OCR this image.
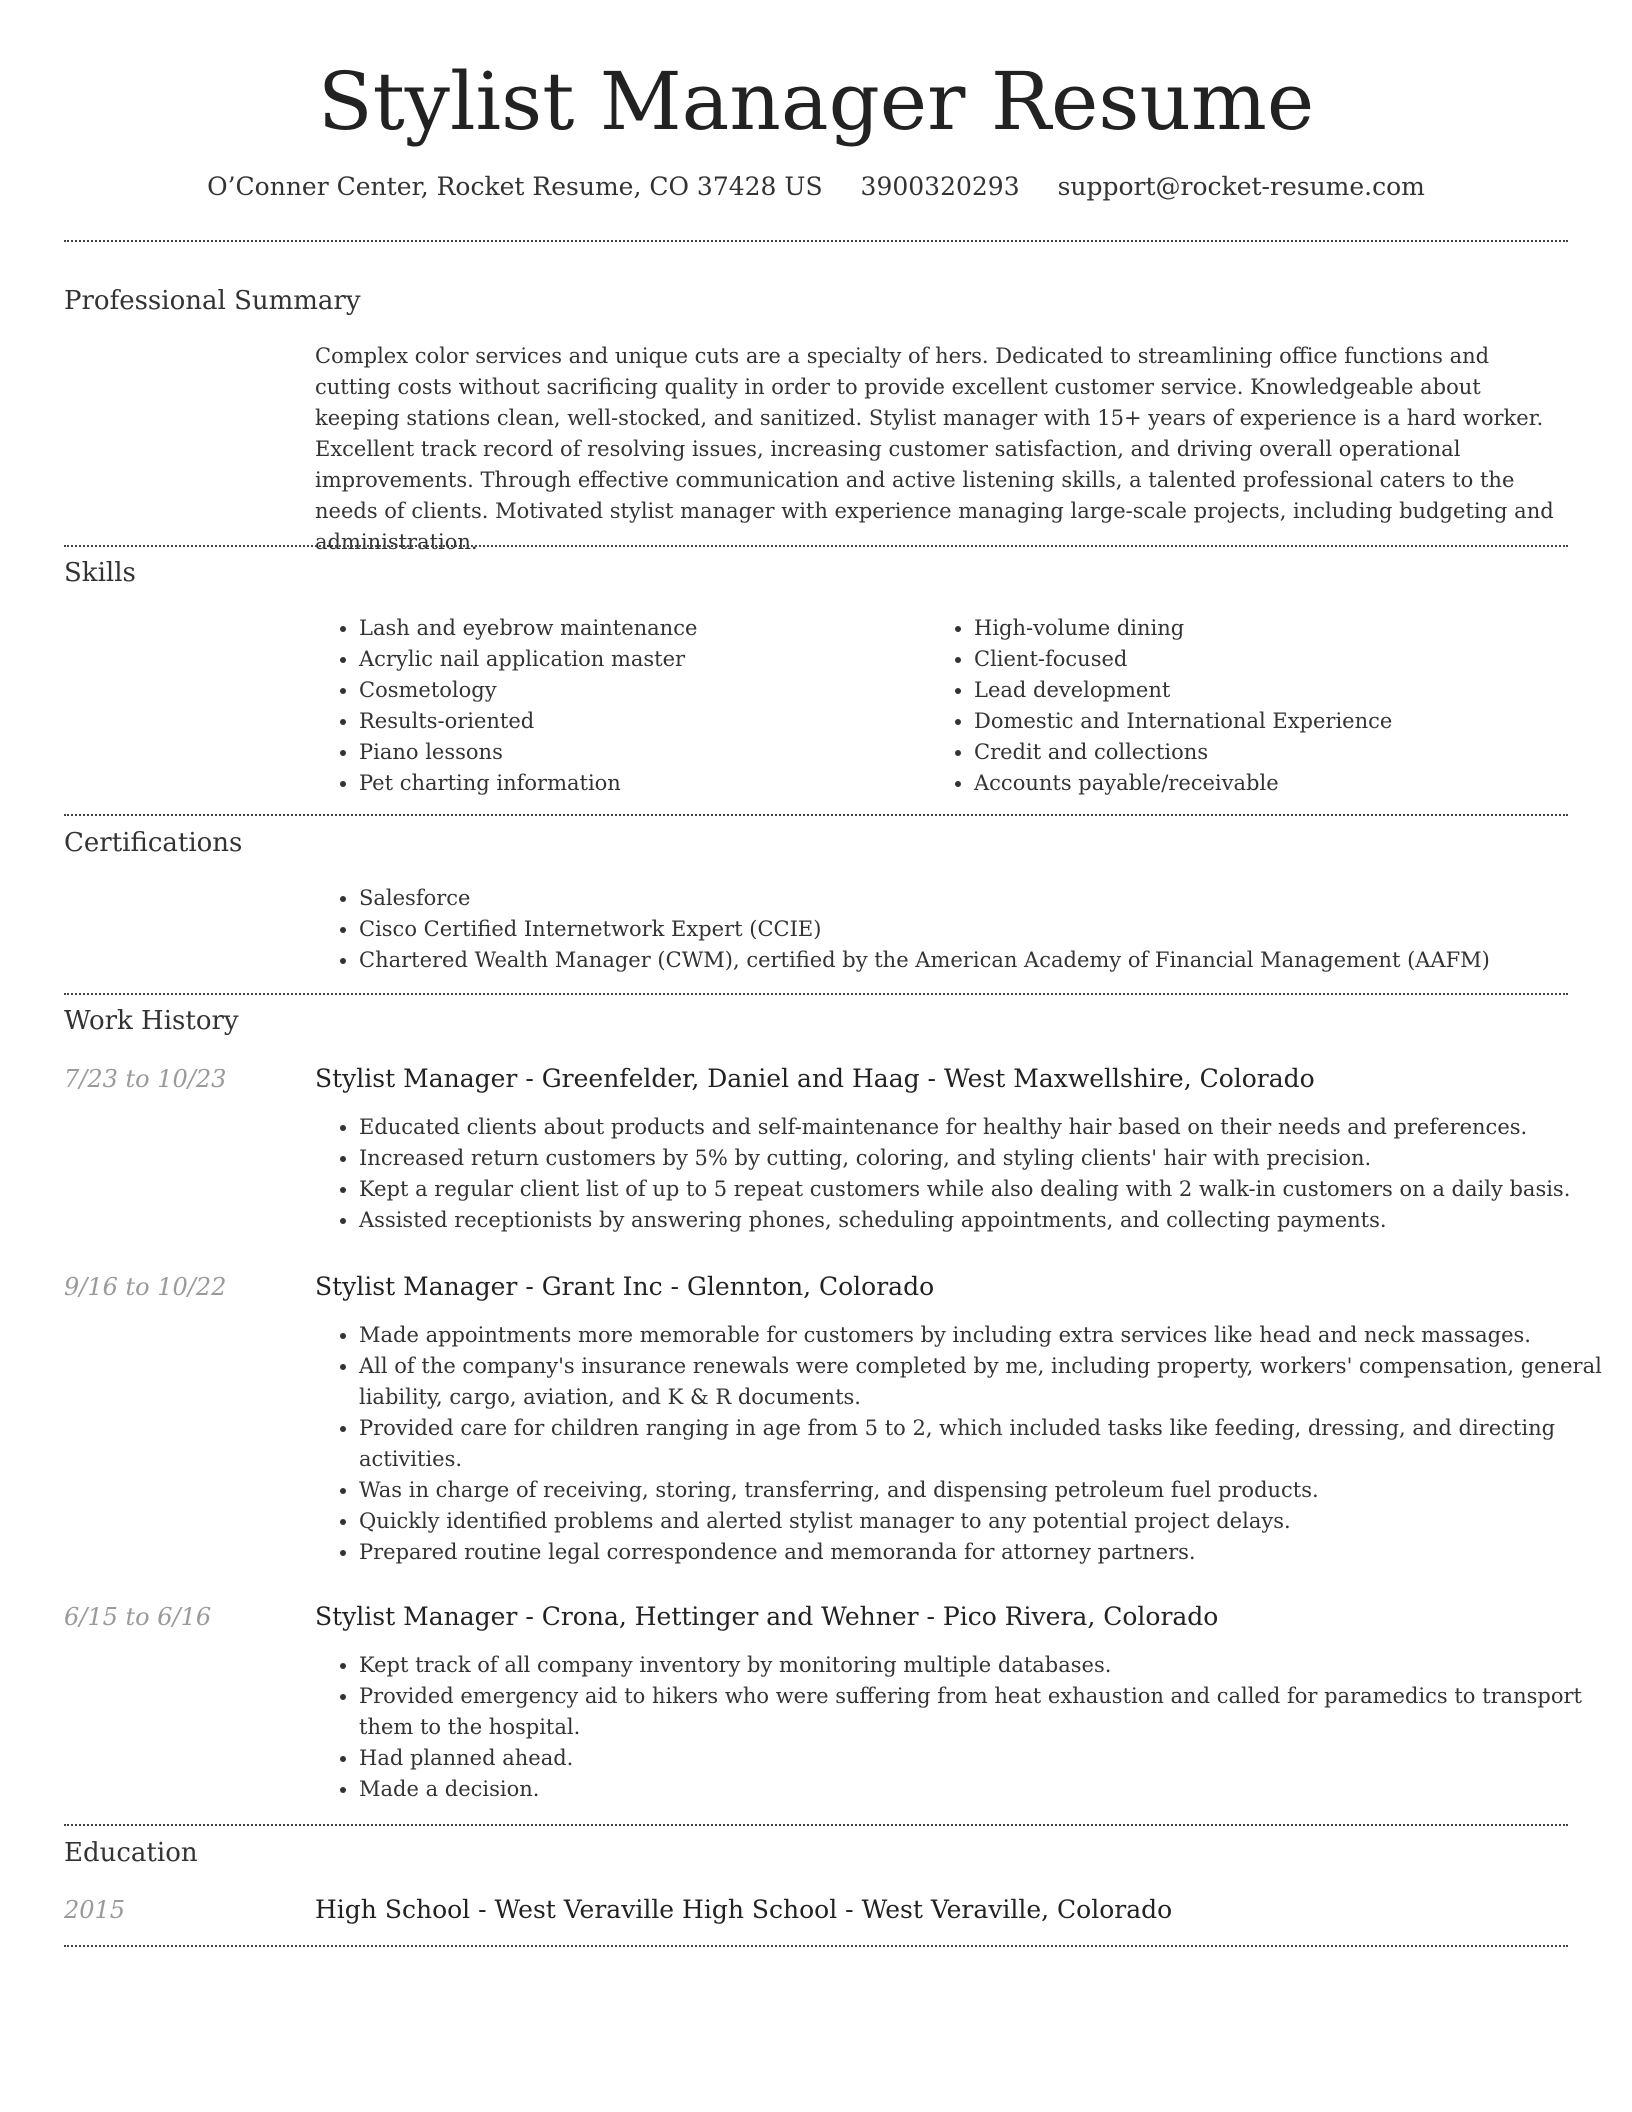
Stylist Manager Resume
O’Conner Center, Rocket Resume, CO 37428 US 3900320293 support@rocket-resume.com
Professional Summary

Complex color services and unique cuts are a specialty of hers. Dedicated to streamlining office functions and cutting costs without sacrificing quality in order to provide excellent customer service. Knowledgeable about keeping stations clean, well-stocked, and sanitized. Stylist manager with 15+ years of experience is a hard worker. Excellent track record of resolving issues, increasing customer satisfaction, and driving overall operational improvements. Through effective communication and active listening skills, a talented professional caters to the needs of clients. Motivated stylist manager with experience managing large-scale projects, including budgeting and administration.

Skills
• Lash and eyebrow maintenance
• Acrylic nail application master
• Cosmetology
• Results-oriented
• Piano lessons
• Pet charting information
• High-volume dining
• Client-focused
• Lead development
• Domestic and International Experience
• Credit and collections
• Accounts payable/receivable
Certifications
• Salesforce
• Cisco Certified Internetwork Expert (CCIE)
• Chartered Wealth Manager (CWM), certified by the American Academy of Financial Management (AAFM)
Work History
7/23 to 10/23	Stylist Manager - Greenfelder, Daniel and Haag - West Maxwellshire, Colorado
• Educated clients about products and self-maintenance for healthy hair based on their needs and preferences.
• Increased return customers by 5% by cutting, coloring, and styling clients' hair with precision.
• Kept a regular client list of up to 5 repeat customers while also dealing with 2 walk-in customers on a daily basis.
• Assisted receptionists by answering phones, scheduling appointments, and collecting payments.
9/16 to 10/22	Stylist Manager - Grant Inc - Glennton, Colorado
• Made appointments more memorable for customers by including extra services like head and neck massages.
• All of the company's insurance renewals were completed by me, including property, workers' compensation, general liability, cargo, aviation, and K & R documents.
• Provided care for children ranging in age from 5 to 2, which included tasks like feeding, dressing, and directing activities.
• Was in charge of receiving, storing, transferring, and dispensing petroleum fuel products.
• Quickly identified problems and alerted stylist manager to any potential project delays.
• Prepared routine legal correspondence and memoranda for attorney partners.
6/15 to 6/16	Stylist Manager - Crona, Hettinger and Wehner - Pico Rivera, Colorado
• Kept track of all company inventory by monitoring multiple databases.
• Provided emergency aid to hikers who were suffering from heat exhaustion and called for paramedics to transport them to the hospital.
• Had planned ahead.
• Made a decision.
Education
2015	High School - West Veraville High School - West Veraville, Colorado
